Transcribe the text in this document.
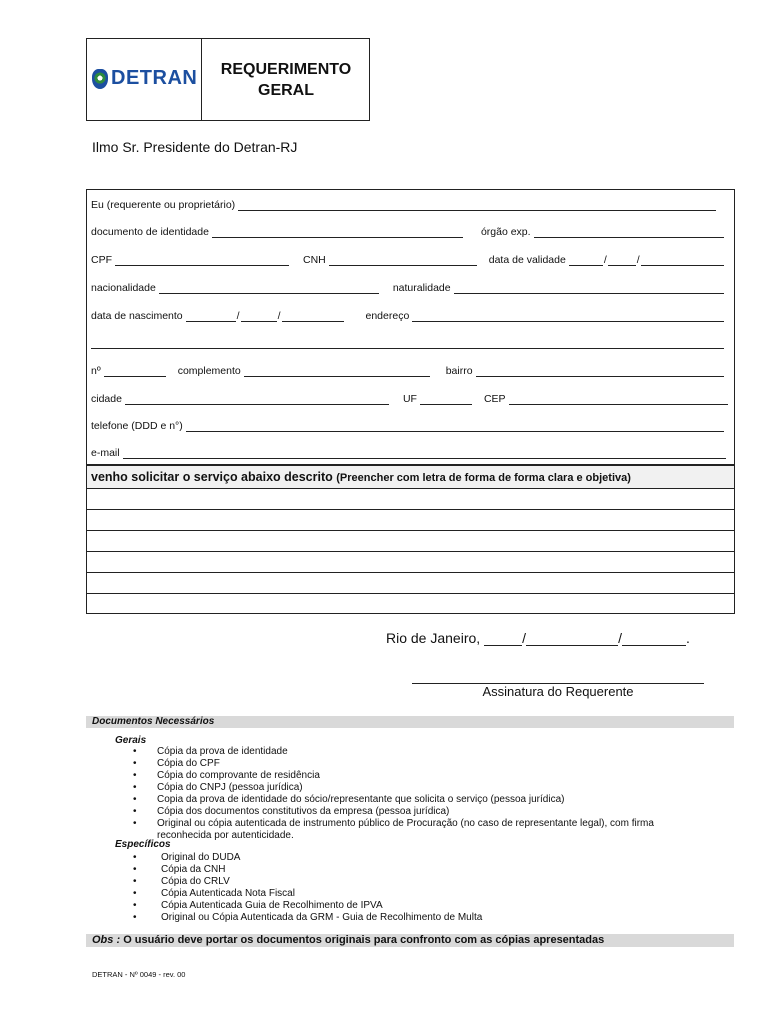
DETRAN	REQUERIMENTO
GERAL
Ilmo Sr. Presidente do Detran-RJ
Eu (requerente ou proprietário)
documento de identidade	órgão exp.
CPF	CNH	data de validade	/	/
nacionalidade	naturalidade
data de nascimento	/	/	endereço
nº	complemento	bairro
cidade	UF	CEP
telefone (DDD e n°)
e-mail
venho solicitar o serviço abaixo descrito (Preencher com letra de forma de forma clara e objetiva)
Rio de Janeiro,	/	/	.
Assinatura do Requerente
Documentos Necessários
Gerais
• Cópia da prova de identidade
• Cópia do CPF
• Cópia do comprovante de residência
• Cópia do CNPJ (pessoa jurídica)
• Copia da prova de identidade do sócio/representante que solicita o serviço (pessoa jurídica)
• Cópia dos documentos constitutivos da empresa (pessoa jurídica)
• Original ou cópia autenticada de instrumento público de Procuração (no caso de representante legal), com firma reconhecida por autenticidade.
Específicos
• Original do DUDA
• Cópia da CNH
• Cópia do CRLV
• Cópia Autenticada Nota Fiscal
• Cópia Autenticada Guia de Recolhimento de IPVA
• Original ou Cópia Autenticada da GRM - Guia de Recolhimento de Multa
Obs : O usuário deve portar os documentos originais para confronto com as cópias apresentadas
DETRAN - Nº 0049 - rev. 00
